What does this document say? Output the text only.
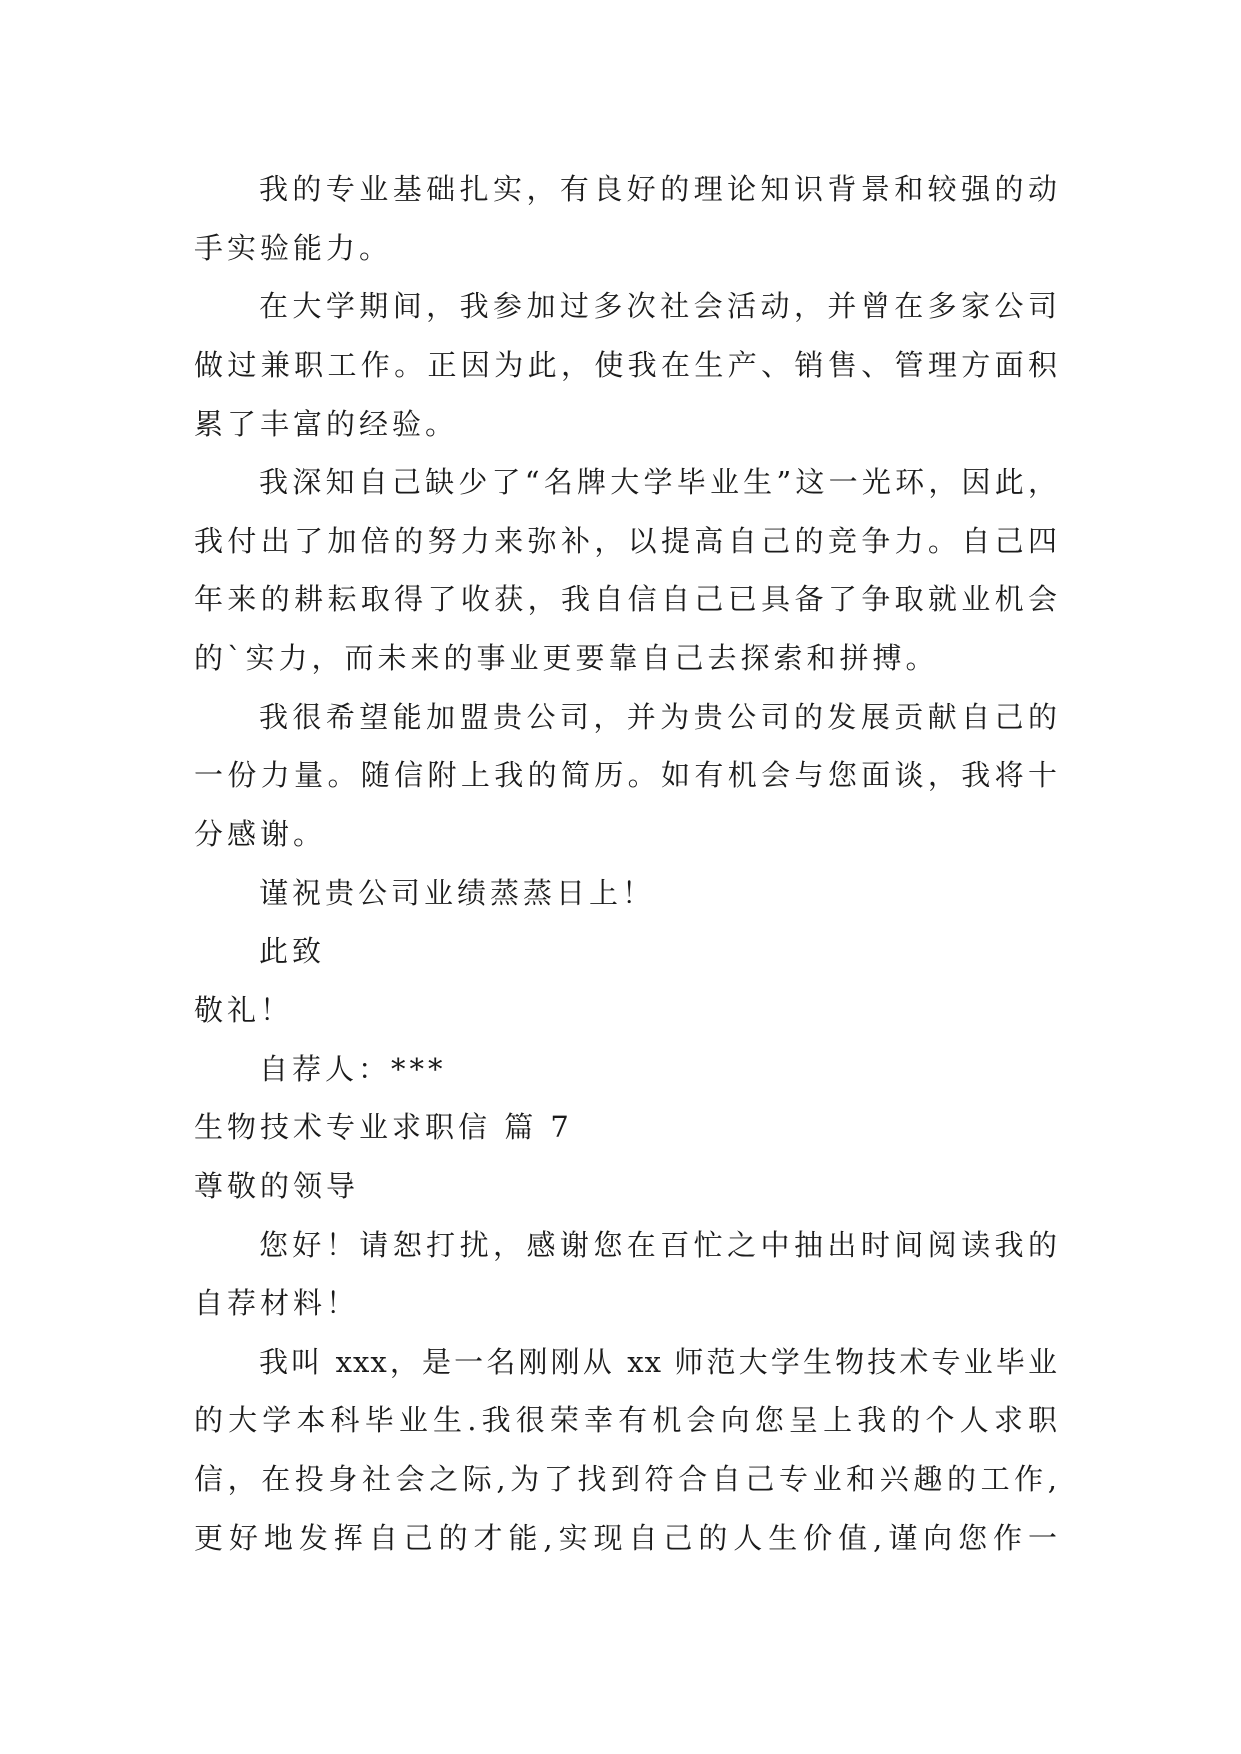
我的专业基础扎实，有良好的理论知识背景和较强的动
手实验能力。
在大学期间，我参加过多次社会活动，并曾在多家公司
做过兼职工作。正因为此，使我在生产、销售、管理方面积
累了丰富的经验。
我深知自己缺少了“名牌大学毕业生”这一光环，因此，
我付出了加倍的努力来弥补，以提高自己的竞争力。自己四
年来的耕耘取得了收获，我自信自己已具备了争取就业机会
的`实力，而未来的事业更要靠自己去探索和拼搏。
我很希望能加盟贵公司，并为贵公司的发展贡献自己的
一份力量。随信附上我的简历。如有机会与您面谈，我将十
分感谢。
谨祝贵公司业绩蒸蒸日上！
此致
敬礼！
自荐人：***
生物技术专业求职信 篇 7
尊敬的领导
您好！请恕打扰，感谢您在百忙之中抽出时间阅读我的
自荐材料！
我叫 xxx，是一名刚刚从 xx 师范大学生物技术专业毕业
的大学本科毕业生.我很荣幸有机会向您呈上我的个人求职
信，在投身社会之际,为了找到符合自己专业和兴趣的工作,
更好地发挥自己的才能,实现自己的人生价值,谨向您作一
